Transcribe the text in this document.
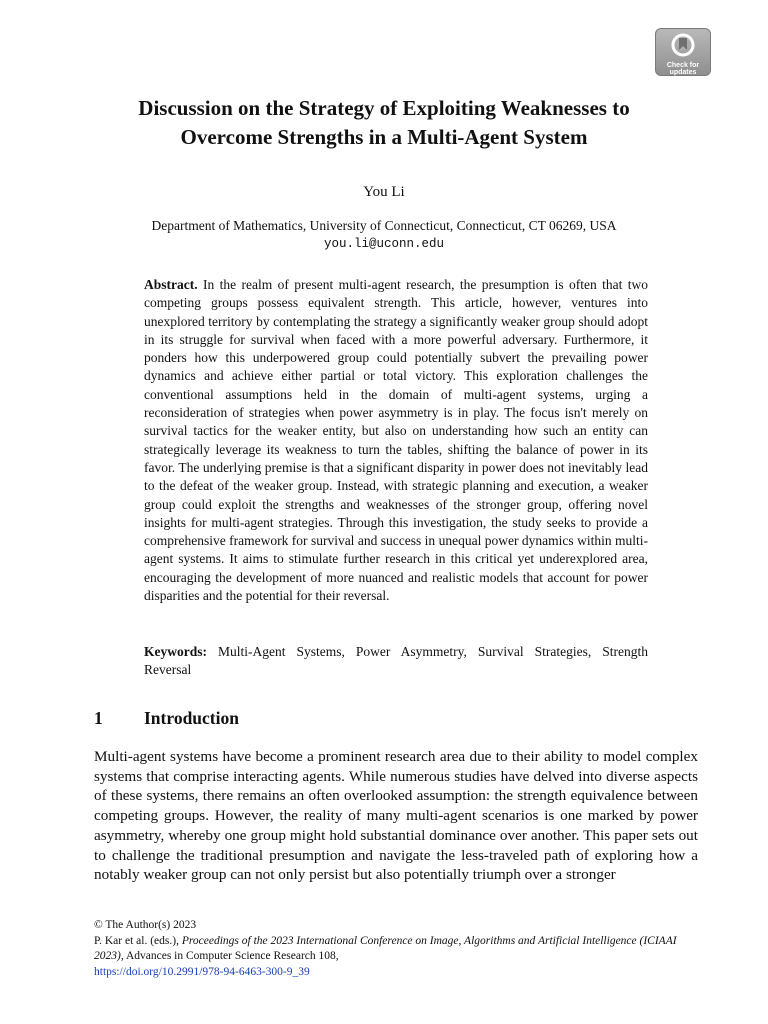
Check for
updates
Discussion on the Strategy of Exploiting Weaknesses to
Overcome Strengths in a Multi-Agent System
You Li
Department of Mathematics, University of Connecticut, Connecticut, CT 06269, USA
you.li@uconn.edu

Abstract. In the realm of present multi-agent research, the presumption is often that two competing groups possess equivalent strength. This article, however, ventures into unexplored territory by contemplating the strategy a significantly weaker group should adopt in its struggle for survival when faced with a more powerful adversary. Furthermore, it ponders how this underpowered group could potentially subvert the prevailing power dynamics and achieve either partial or total victory. This exploration challenges the conventional assumptions held in the domain of multi-agent systems, urging a reconsideration of strategies when power asymmetry is in play. The focus isn't merely on survival tactics for the weaker entity, but also on understanding how such an entity can strategically leverage its weakness to turn the tables, shifting the balance of power in its favor. The underlying premise is that a significant disparity in power does not inevitably lead to the defeat of the weaker group. Instead, with strategic planning and execution, a weaker group could exploit the strengths and weaknesses of the stronger group, offering novel insights for multi-agent strategies. Through this investigation, the study seeks to provide a comprehensive framework for survival and success in unequal power dynamics within multi-agent systems. It aims to stimulate further research in this critical yet underexplored area, encouraging the development of more nuanced and realistic models that account for power disparities and the potential for their reversal.

Keywords: Multi-Agent Systems, Power Asymmetry, Survival Strategies, Strength Reversal

1 Introduction

Multi-agent systems have become a prominent research area due to their ability to model complex systems that comprise interacting agents. While numerous studies have delved into diverse aspects of these systems, there remains an often overlooked assumption: the strength equivalence between competing groups. However, the reality of many multi-agent scenarios is one marked by power asymmetry, whereby one group might hold substantial dominance over another. This paper sets out to challenge the traditional presumption and navigate the less-traveled path of exploring how a notably weaker group can not only persist but also potentially triumph over a stronger

© The Author(s) 2023
P. Kar et al. (eds.), Proceedings of the 2023 International Conference on Image, Algorithms and Artificial Intelligence (ICIAAI 2023), Advances in Computer Science Research 108,
https://doi.org/10.2991/978-94-6463-300-9_39
